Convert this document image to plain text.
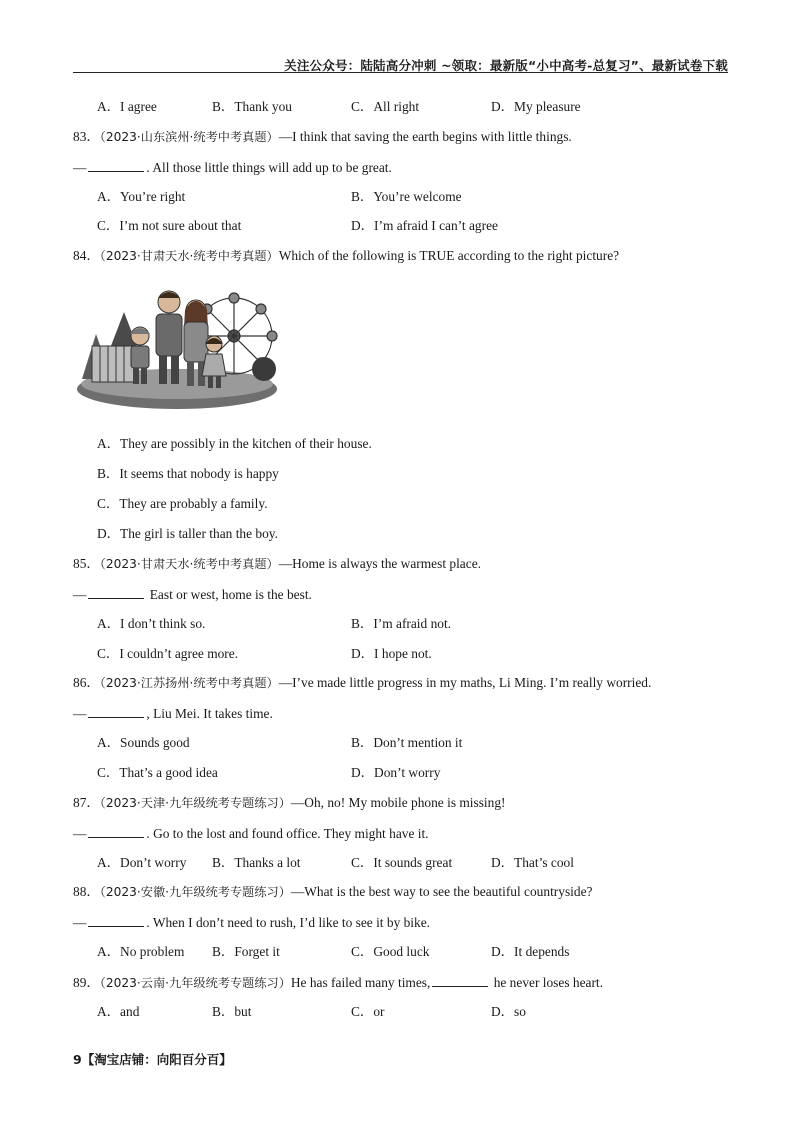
关注公众号：陆陆高分冲刺 ~领取：最新版“小中高考-总复习”、最新试卷下载
A．I agree	B．Thank you	C．All right	D．My pleasure
83．（2023·山东滨州·统考中考真题）—I think that saving the earth begins with little things.
—	. All those little things will add up to be great.
A．You’re right	B．You’re welcome
C．I’m not sure about that	D．I’m afraid I can’t agree
84．（2023·甘肃天水·统考中考真题）Which of the following is TRUE according to the right picture?
A．They are possibly in the kitchen of their house.
B．It seems that nobody is happy
C．They are probably a family.
D．The girl is taller than the boy.
85．（2023·甘肃天水·统考中考真题）—Home is always the warmest place.
—	East or west, home is the best.
A．I don’t think so.	B．I’m afraid not.
C．I couldn’t agree more.	D．I hope not.
86．（2023·江苏扬州·统考中考真题）—I’ve made little progress in my maths, Li Ming. I’m really worried.
—	, Liu Mei. It takes time.
A．Sounds good	B．Don’t mention it
C．That’s a good idea	D．Don’t worry
87．（2023·天津·九年级统考专题练习）—Oh, no! My mobile phone is missing!
—	. Go to the lost and found office. They might have it.
A．Don’t worry B．Thanks a lot	C．It sounds great	D．That’s cool
88．（2023·安徽·九年级统考专题练习）—What is the best way to see the beautiful countryside?
—	. When I don’t need to rush, I’d like to see it by bike.
A．No problem B．Forget it	C．Good luck	D．It depends
89．（2023·云南·九年级统考专题练习）He has failed many times,	he never loses heart.
A．and	B．but	C．or	D．so
9【淘宝店铺：向阳百分百】
